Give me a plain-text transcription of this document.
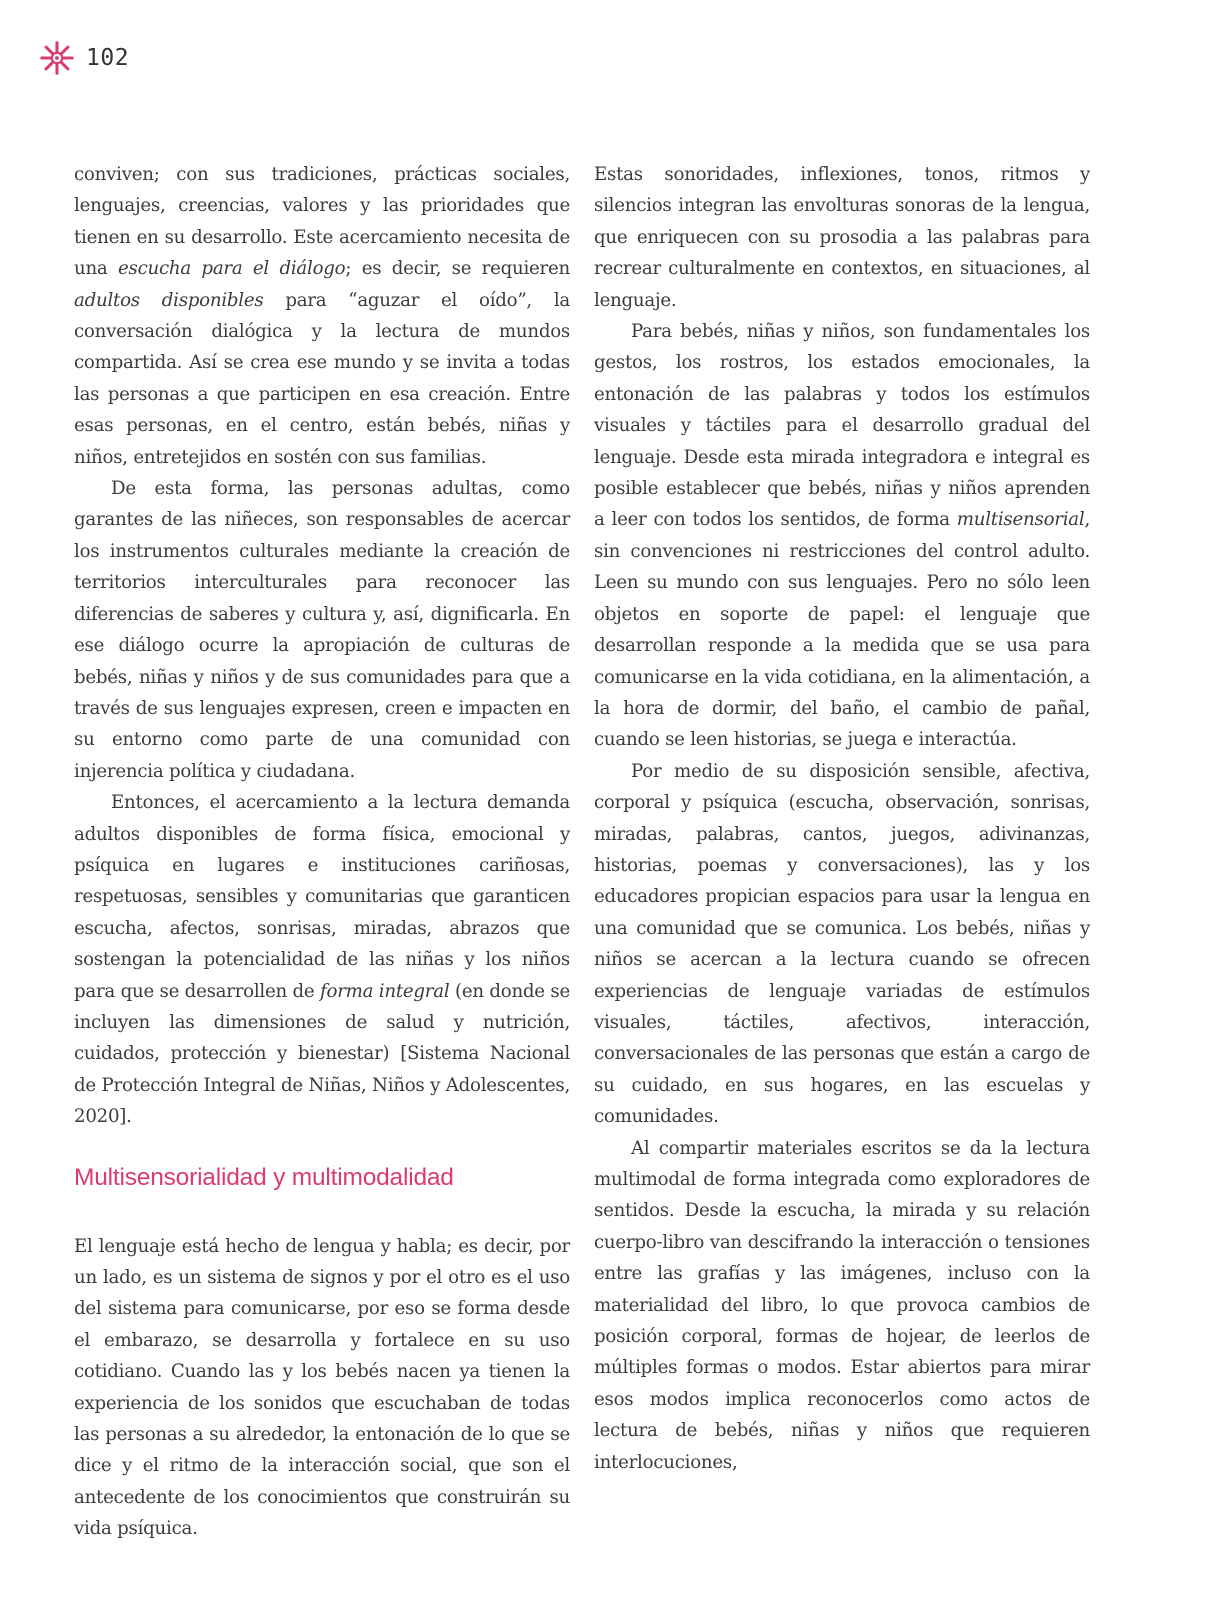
102

conviven; con sus tradiciones, prácticas sociales, lenguajes, creencias, valores y las prioridades que tienen en su desarrollo. Este acercamiento necesita de una escucha para el diálogo; es decir, se requieren adultos disponibles para “aguzar el oído”, la conversación dialógica y la lectura de mundos compartida. Así se crea ese mundo y se invita a todas las personas a que participen en esa creación. Entre esas personas, en el centro, están bebés, niñas y niños, entretejidos en sostén con sus familias.

De esta forma, las personas adultas, como garantes de las niñeces, son responsables de acercar los instrumentos culturales mediante la creación de territorios interculturales para reconocer las diferencias de saberes y cultura y, así, dignificarla. En ese diálogo ocurre la apropiación de culturas de bebés, niñas y niños y de sus comunidades para que a través de sus lenguajes expresen, creen e impacten en su entorno como parte de una comunidad con injerencia política y ciudadana.

Entonces, el acercamiento a la lectura demanda adultos disponibles de forma física, emocional y psíquica en lugares e instituciones cariñosas, respetuosas, sensibles y comunitarias que garanticen escucha, afectos, sonrisas, miradas, abrazos que sostengan la potencialidad de las niñas y los niños para que se desarrollen de forma integral (en donde se incluyen las dimensiones de salud y nutrición, cuidados, protección y bienestar) [Sistema Nacional de Protección Integral de Niñas, Niños y Adolescentes, 2020].

Multisensorialidad y multimodalidad

El lenguaje está hecho de lengua y habla; es decir, por un lado, es un sistema de signos y por el otro es el uso del sistema para comunicarse, por eso se forma desde el embarazo, se desarrolla y fortalece en su uso cotidiano. Cuando las y los bebés nacen ya tienen la experiencia de los sonidos que escuchaban de todas las personas a su alrededor, la entonación de lo que se dice y el ritmo de la interacción social, que son el antecedente de los conocimientos que construirán su vida psíquica.

Estas sonoridades, inflexiones, tonos, ritmos y silencios integran las envolturas sonoras de la lengua, que enriquecen con su prosodia a las palabras para recrear culturalmente en contextos, en situaciones, al lenguaje.

Para bebés, niñas y niños, son fundamentales los gestos, los rostros, los estados emocionales, la entonación de las palabras y todos los estímulos visuales y táctiles para el desarrollo gradual del lenguaje. Desde esta mirada integradora e integral es posible establecer que bebés, niñas y niños aprenden a leer con todos los sentidos, de forma multisensorial, sin convenciones ni restricciones del control adulto. Leen su mundo con sus lenguajes. Pero no sólo leen objetos en soporte de papel: el lenguaje que desarrollan responde a la medida que se usa para comunicarse en la vida cotidiana, en la alimentación, a la hora de dormir, del baño, el cambio de pañal, cuando se leen historias, se juega e interactúa.

Por medio de su disposición sensible, afectiva, corporal y psíquica (escucha, observación, sonrisas, miradas, palabras, cantos, juegos, adivinanzas, historias, poemas y conversaciones), las y los educadores propician espacios para usar la lengua en una comunidad que se comunica. Los bebés, niñas y niños se acercan a la lectura cuando se ofrecen experiencias de lenguaje variadas de estímulos visuales, táctiles, afectivos, interacción, conversacionales de las personas que están a cargo de su cuidado, en sus hogares, en las escuelas y comunidades.

Al compartir materiales escritos se da la lectura multimodal de forma integrada como exploradores de sentidos. Desde la escucha, la mirada y su relación cuerpo-libro van descifrando la interacción o tensiones entre las grafías y las imágenes, incluso con la materialidad del libro, lo que provoca cambios de posición corporal, formas de hojear, de leerlos de múltiples formas o modos. Estar abiertos para mirar esos modos implica reconocerlos como actos de lectura de bebés, niñas y niños que requieren interlocuciones,
